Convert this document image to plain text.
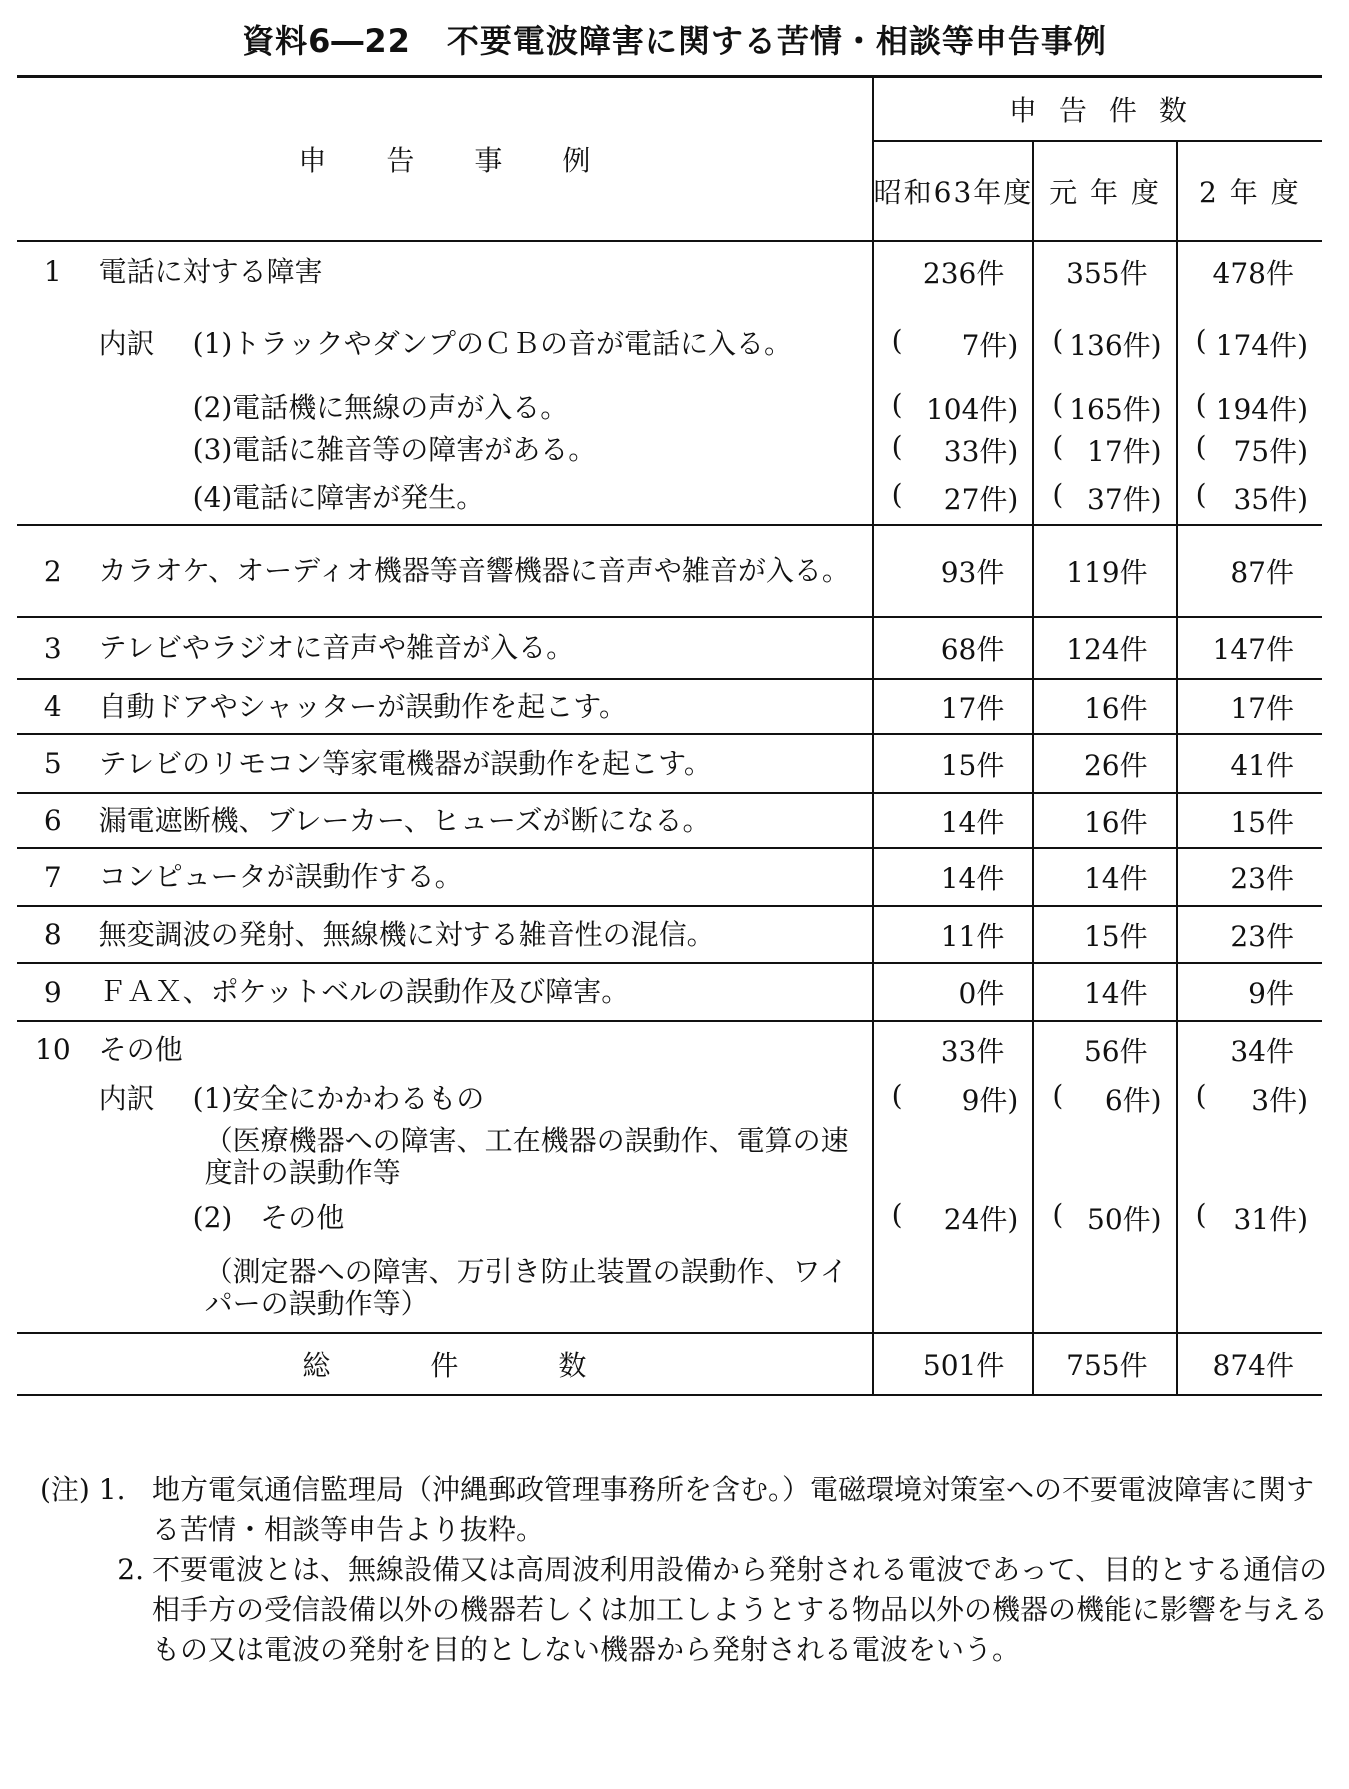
資料6―22 不要電波障害に関する苦情・相談等申告事例
申告事例		申告件数		
		昭和63年度	元 年 度	2 年 度
1	電話に対する障害	236件	355件	478件

	内訳 (1)トラックやダンプのＣＢの音が電話に入る。	( 7件)	( 136件)	( 174件)

	(2)電話機に無線の声が入る。	( 104件)	( 165件)	( 194件)

	(3)電話に雑音等の障害がある。	( 33件)	( 17件)	( 75件)

	(4)電話に障害が発生。	( 27件)	( 37件)	( 35件)
2	カラオケ、オーディオ機器等音響機器に音声や雑音が入る。	93件	119件	87件
3	テレビやラジオに音声や雑音が入る。	68件	124件	147件
4	自動ドアやシャッターが誤動作を起こす。	17件	16件	17件
5	テレビのリモコン等家電機器が誤動作を起こす。	15件	26件	41件
6	漏電遮断機、ブレーカー、ヒューズが断になる。	14件	16件	15件
7	コンピュータが誤動作する。	14件	14件	23件
8	無変調波の発射、無線機に対する雑音性の混信。	11件	15件	23件
9	ＦＡＸ、ポケットベルの誤動作及び障害。	0件	14件	9件
10	その他	33件	56件	34件

	内訳 (1)安全にかかわるもの	( 9件)	( 6件)	( 3件)
	（医療機器への障害、工在機器の誤動作、電算の速度計の誤動作等			

	(2)　その他	( 24件)	( 50件)	( 31件)
	（測定器への障害、万引き防止装置の誤動作、ワイパーの誤動作等）			
総件数		501件	755件	874件
(注) 1. 地方電気通信監理局（沖縄郵政管理事務所を含む。）電磁環境対策室への不要電波障害に関する苦情・相談等申告より抜粋。
2. 不要電波とは、無線設備又は高周波利用設備から発射される電波であって、目的とする通信の相手方の受信設備以外の機器若しくは加工しようとする物品以外の機器の機能に影響を与えるもの又は電波の発射を目的としない機器から発射される電波をいう。
